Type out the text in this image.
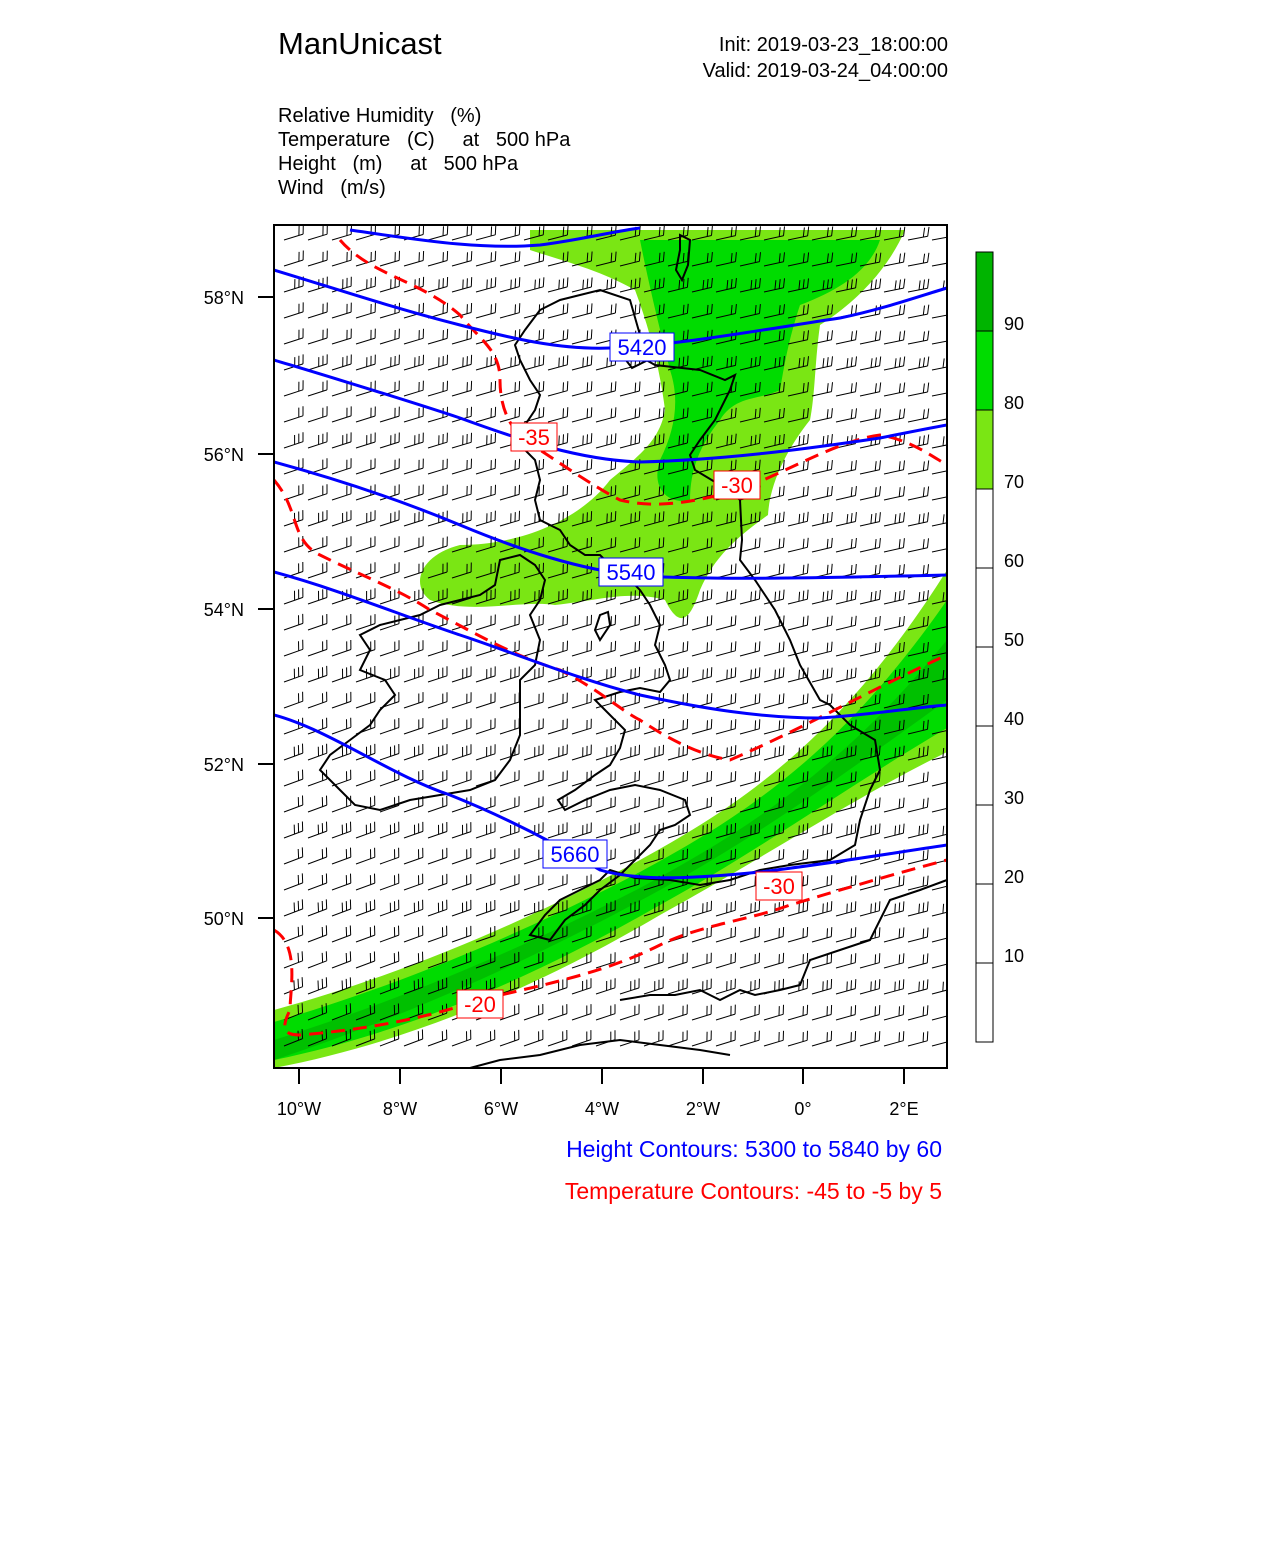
ManUnicast	Init: 2019-03-23_18:00:00
Valid: 2019-03-24_04:00:00
Relative Humidity   (%)
Temperature   (C)     at   500 hPa
Height   (m)     at   500 hPa
Wind   (m/s)
5420
5540
5660
-35
-30
-30
-20
58°N
56°N
54°N
52°N
50°N
10°W	8°W	6°W	4°W	2°W	0°	2°E
90
80
70
60
50
40
30
20
10
Height Contours: 5300 to 5840 by 60
Temperature Contours: -45 to -5 by 5
